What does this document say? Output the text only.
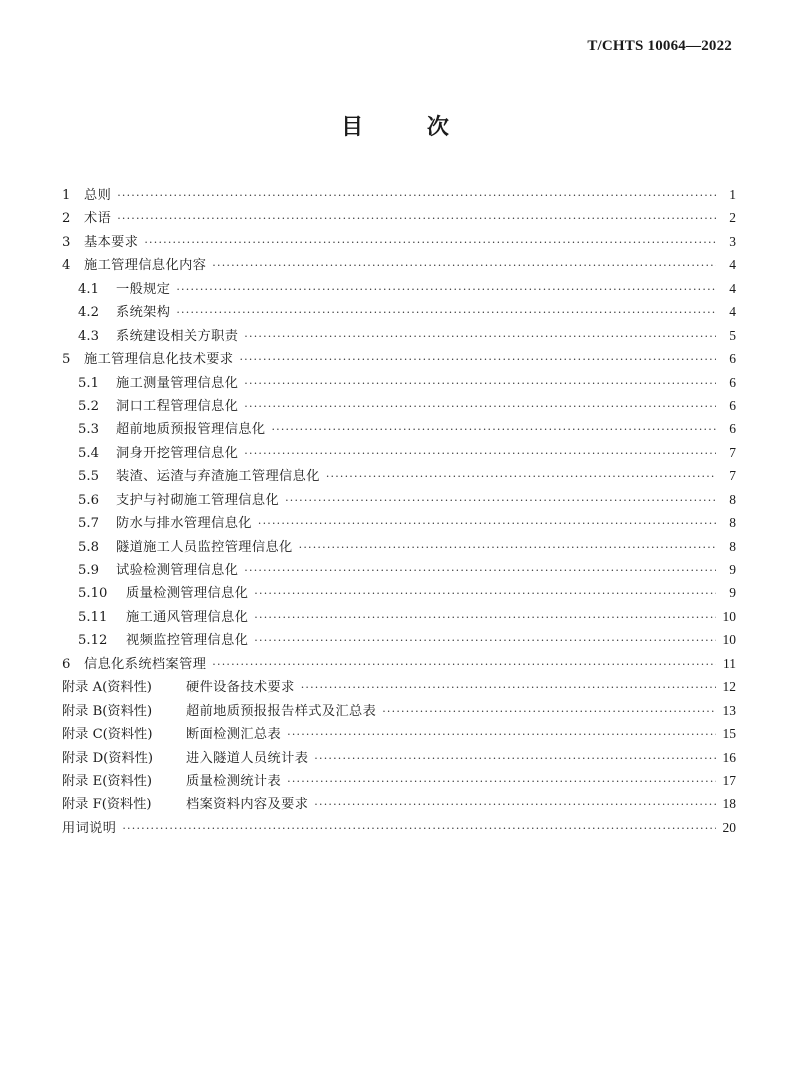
T/CHTS 10064—2022
目 次
1	总则 ·····	1
2	术语 ·····	2
3	基本要求 ·····	3
4	施工管理信息化内容 ·····	4
4.1	一般规定 ·····	4
4.2	系统架构 ·····	4
4.3	系统建设相关方职责 ·····	5
5	施工管理信息化技术要求 ·····	6
5.1	施工测量管理信息化 ·····	6
5.2	洞口工程管理信息化 ·····	6
5.3	超前地质预报管理信息化 ·····	6
5.4	洞身开挖管理信息化 ·····	7
5.5	装渣、运渣与弃渣施工管理信息化 ·····	7
5.6	支护与衬砌施工管理信息化 ·····	8
5.7	防水与排水管理信息化 ·····	8
5.8	隧道施工人员监控管理信息化 ·····	8
5.9	试验检测管理信息化 ·····	9
5.10	质量检测管理信息化 ·····	9
5.11	施工通风管理信息化 ·····	10
5.12	视频监控管理信息化 ·····	10
6	信息化系统档案管理 ·····	11
附录 A(资料性)	硬件设备技术要求 ·····	12
附录 B(资料性)	超前地质预报报告样式及汇总表 ·····	13
附录 C(资料性)	断面检测汇总表 ·····	15
附录 D(资料性)	进入隧道人员统计表 ·····	16
附录 E(资料性)	质量检测统计表 ·····	17
附录 F(资料性)	档案资料内容及要求 ·····	18
用词说明 ·····	20
